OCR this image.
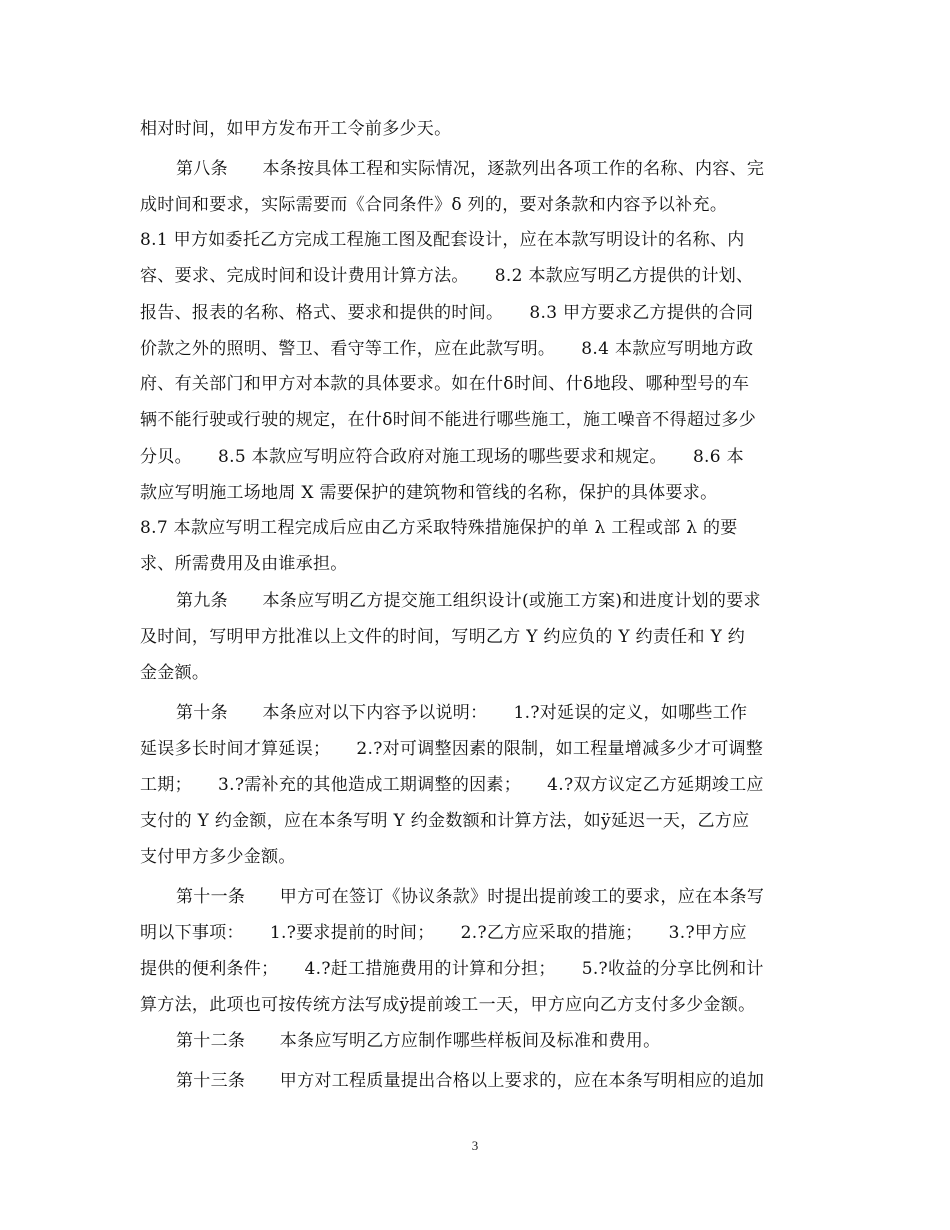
相对时间，如甲方发布开工令前多少天。

第八条　　本条按具体工程和实际情况，逐款列出各项工作的名称、内容、完

成时间和要求，实际需要而《合同条件》δ 列的，要对条款和内容予以补充。

8.1 甲方如委托乙方完成工程施工图及配套设计，应在本款写明设计的名称、内

容、要求、完成时间和设计费用计算方法。　　8.2 本款应写明乙方提供的计划、

报告、报表的名称、格式、要求和提供的时间。　　8.3 甲方要求乙方提供的合同

价款之外的照明、警卫、看守等工作，应在此款写明。　　8.4 本款应写明地方政

府、有关部门和甲方对本款的具体要求。如在什δ时间、什δ地段、哪种型号的车

辆不能行驶或行驶的规定，在什δ时间不能进行哪些施工，施工噪音不得超过多少

分贝。　　8.5 本款应写明应符合政府对施工现场的哪些要求和规定。　　8.6 本

款应写明施工场地周 X 需要保护的建筑物和管线的名称，保护的具体要求。

8.7 本款应写明工程完成后应由乙方采取特殊措施保护的单 λ 工程或部 λ 的要

求、所需费用及由谁承担。

第九条　　本条应写明乙方提交施工组织设计(或施工方案)和进度计划的要求

及时间，写明甲方批准以上文件的时间，写明乙方 Υ 约应负的 Υ 约责任和 Υ 约

金金额。

第十条　　本条应对以下内容予以说明：　　1.?对延误的定义，如哪些工作

延误多长时间才算延误；　　2.?对可调整因素的限制，如工程量增减多少才可调整

工期；　　3.?需补充的其他造成工期调整的因素；　　4.?双方议定乙方延期竣工应

支付的 Υ 约金额，应在本条写明 Υ 约金数额和计算方法，如ÿ延迟一天，乙方应

支付甲方多少金额。

第十一条　　甲方可在签订《协议条款》时提出提前竣工的要求，应在本条写

明以下事项：　　1.?要求提前的时间；　　2.?乙方应采取的措施；　　3.?甲方应

提供的便利条件；　　4.?赶工措施费用的计算和分担；　　5.?收益的分享比例和计

算方法，此项也可按传统方法写成ÿ提前竣工一天，甲方应向乙方支付多少金额。

第十二条　　本条应写明乙方应制作哪些样板间及标准和费用。

第十三条　　甲方对工程质量提出合格以上要求的，应在本条写明相应的追加

3
